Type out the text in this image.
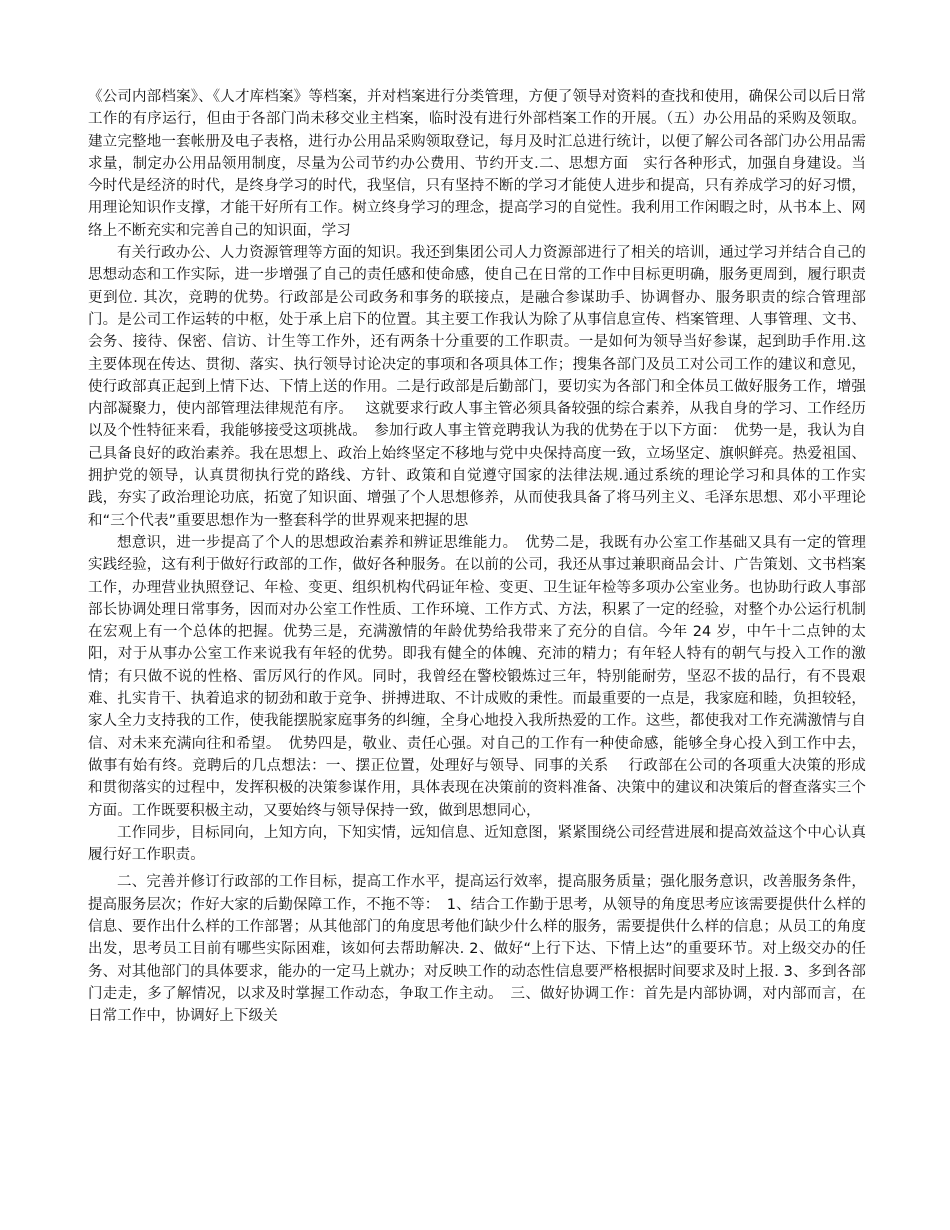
《公司内部档案》、《人才库档案》等档案，并对档案进行分类管理，方便了领导对资料的查找和使用，确保公司以后日常工作的有序运行，但由于各部门尚未移交业主档案，临时没有进行外部档案工作的开展。（五）办公用品的采购及领取。建立完整地一套帐册及电子表格，进行办公用品采购领取登记，每月及时汇总进行统计，以便了解公司各部门办公用品需求量，制定办公用品领用制度，尽量为公司节约办公费用、节约开支.二、思想方面　实行各种形式，加强自身建设。当今时代是经济的时代，是终身学习的时代，我坚信，只有坚持不断的学习才能使人进步和提高，只有养成学习的好习惯，用理论知识作支撑，才能干好所有工作。树立终身学习的理念，提高学习的自觉性。我利用工作闲暇之时，从书本上、网络上不断充实和完善自己的知识面，学习

有关行政办公、人力资源管理等方面的知识。我还到集团公司人力资源部进行了相关的培训，通过学习并结合自己的思想动态和工作实际，进一步增强了自己的责任感和使命感，使自己在日常的工作中目标更明确，服务更周到，履行职责更到位. 其次，竞聘的优势。行政部是公司政务和事务的联接点，是融合参谋助手、协调督办、服务职责的综合管理部门。是公司工作运转的中枢，处于承上启下的位置。其主要工作我认为除了从事信息宣传、档案管理、人事管理、文书、会务、接待、保密、信访、计生等工作外，还有两条十分重要的工作职责。一是如何为领导当好参谋，起到助手作用.这主要体现在传达、贯彻、落实、执行领导讨论决定的事项和各项具体工作；搜集各部门及员工对公司工作的建议和意见，使行政部真正起到上情下达、下情上送的作用。二是行政部是后勤部门，要切实为各部门和全体员工做好服务工作，增强内部凝聚力，使内部管理法律规范有序。　 这就要求行政人事主管必须具备较强的综合素养，从我自身的学习、工作经历以及个性特征来看，我能够接受这项挑战。　参加行政人事主管竞聘我认为我的优势在于以下方面：　优势一是，我认为自己具备良好的政治素养。我在思想上、政治上始终坚定不移地与党中央保持高度一致，立场坚定、旗帜鲜亮。热爱祖国、拥护党的领导，认真贯彻执行党的路线、方针、政策和自觉遵守国家的法律法规.通过系统的理论学习和具体的工作实践，夯实了政治理论功底，拓宽了知识面、增强了个人思想修养，从而使我具备了将马列主义、毛泽东思想、邓小平理论和“三个代表”重要思想作为一整套科学的世界观来把握的思

想意识，进一步提高了个人的思想政治素养和辨证思维能力。　优势二是，我既有办公室工作基础又具有一定的管理实践经验，这有利于做好行政部的工作，做好各种服务。在以前的公司，我还从事过兼职商品会计、广告策划、文书档案工作，办理营业执照登记、年检、变更、组织机构代码证年检、变更、卫生证年检等多项办公室业务。也协助行政人事部部长协调处理日常事务，因而对办公室工作性质、工作环境、工作方式、方法，积累了一定的经验，对整个办公运行机制在宏观上有一个总体的把握。优势三是，充满激情的年龄优势给我带来了充分的自信。今年 24 岁，中午十二点钟的太阳，对于从事办公室工作来说我有年轻的优势。即我有健全的体魄、充沛的精力；有年轻人特有的朝气与投入工作的激情；有只做不说的性格、雷厉风行的作风。同时，我曾经在警校锻炼过三年，特别能耐劳，坚忍不拔的品行，有不畏艰难、扎实肯干、执着追求的韧劲和敢于竞争、拼搏进取、不计成败的秉性。而最重要的一点是，我家庭和睦，负担较轻，家人全力支持我的工作，使我能摆脱家庭事务的纠缠，全身心地投入我所热爱的工作。这些，都使我对工作充满激情与自信、对未来充满向往和希望。　优势四是，敬业、责任心强。对自己的工作有一种使命感，能够全身心投入到工作中去，做事有始有终。竞聘后的几点想法：一、摆正位置，处理好与领导、同事的关系　 行政部在公司的各项重大决策的形成和贯彻落实的过程中，发挥积极的决策参谋作用，具体表现在决策前的资料准备、决策中的建议和决策后的督查落实三个方面。工作既要积极主动，又要始终与领导保持一致，做到思想同心，

工作同步，目标同向，上知方向，下知实情，远知信息、近知意图，紧紧围绕公司经营进展和提高效益这个中心认真履行好工作职责。

二、完善并修订行政部的工作目标，提高工作水平，提高运行效率，提高服务质量；强化服务意识，改善服务条件，提高服务层次；作好大家的后勤保障工作，不拖不等：　1、结合工作勤于思考，从领导的角度思考应该需要提供什么样的信息、要作出什么样的工作部署；从其他部门的角度思考他们缺少什么样的服务，需要提供什么样的信息；从员工的角度出发，思考员工目前有哪些实际困难，该如何去帮助解决. 2、做好“上行下达、下情上达”的重要环节。对上级交办的任务、对其他部门的具体要求，能办的一定马上就办；对反映工作的动态性信息要严格根据时间要求及时上报. 3、多到各部门走走，多了解情况，以求及时掌握工作动态，争取工作主动。　三、做好协调工作：首先是内部协调，对内部而言，在日常工作中，协调好上下级关
